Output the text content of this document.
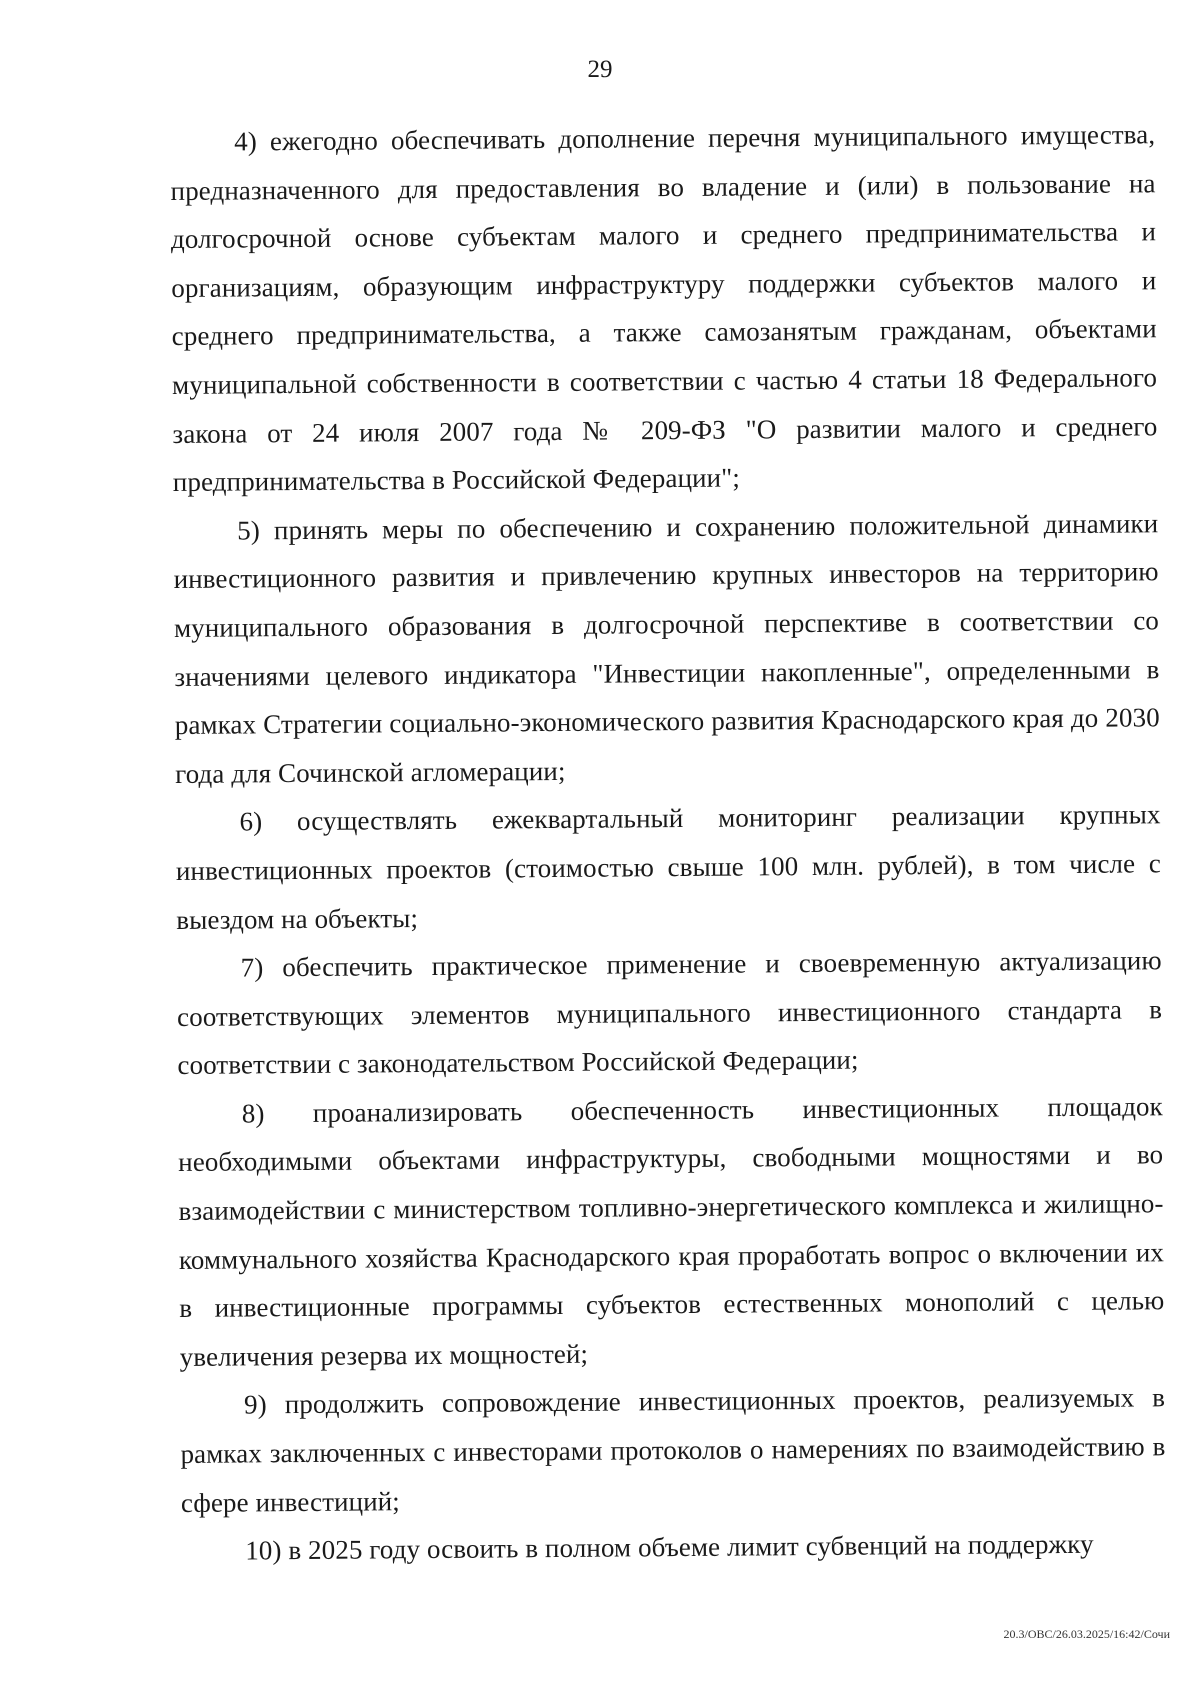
29

4) ежегодно обеспечивать дополнение перечня муниципального имущества, предназначенного для предоставления во владение и (или) в пользование на долгосрочной основе субъектам малого и среднего предпринимательства и организациям, образующим инфраструктуру поддержки субъектов малого и среднего предпринимательства, а также самозанятым гражданам, объектами муниципальной собственности в соответствии с частью 4 статьи 18 Федерального закона от 24 июля 2007 года № 209-ФЗ "О развитии малого и среднего предпринимательства в Российской Федерации";

5) принять меры по обеспечению и сохранению положительной динамики инвестиционного развития и привлечению крупных инвесторов на территорию муниципального образования в долгосрочной перспективе в соответствии со значениями целевого индикатора "Инвестиции накопленные", определенными в рамках Стратегии социально-экономического развития Краснодарского края до 2030 года для Сочинской агломерации;

6) осуществлять ежеквартальный мониторинг реализации крупных инвестиционных проектов (стоимостью свыше 100 млн. рублей), в том числе с выездом на объекты;

7) обеспечить практическое применение и своевременную актуализацию соответствующих элементов муниципального инвестиционного стандарта в соответствии с законодательством Российской Федерации;

8) проанализировать обеспеченность инвестиционных площадок необходимыми объектами инфраструктуры, свободными мощностями и во взаимодействии с министерством топливно-энергетического комплекса и жилищно-коммунального хозяйства Краснодарского края проработать вопрос о включении их в инвестиционные программы субъектов естественных монополий с целью увеличения резерва их мощностей;

9) продолжить сопровождение инвестиционных проектов, реализуемых в рамках заключенных с инвесторами протоколов о намерениях по взаимодействию в сфере инвестиций;

10) в 2025 году освоить в полном объеме лимит субвенций на поддержку

20.3/ОВС/26.03.2025/16:42/Сочи
